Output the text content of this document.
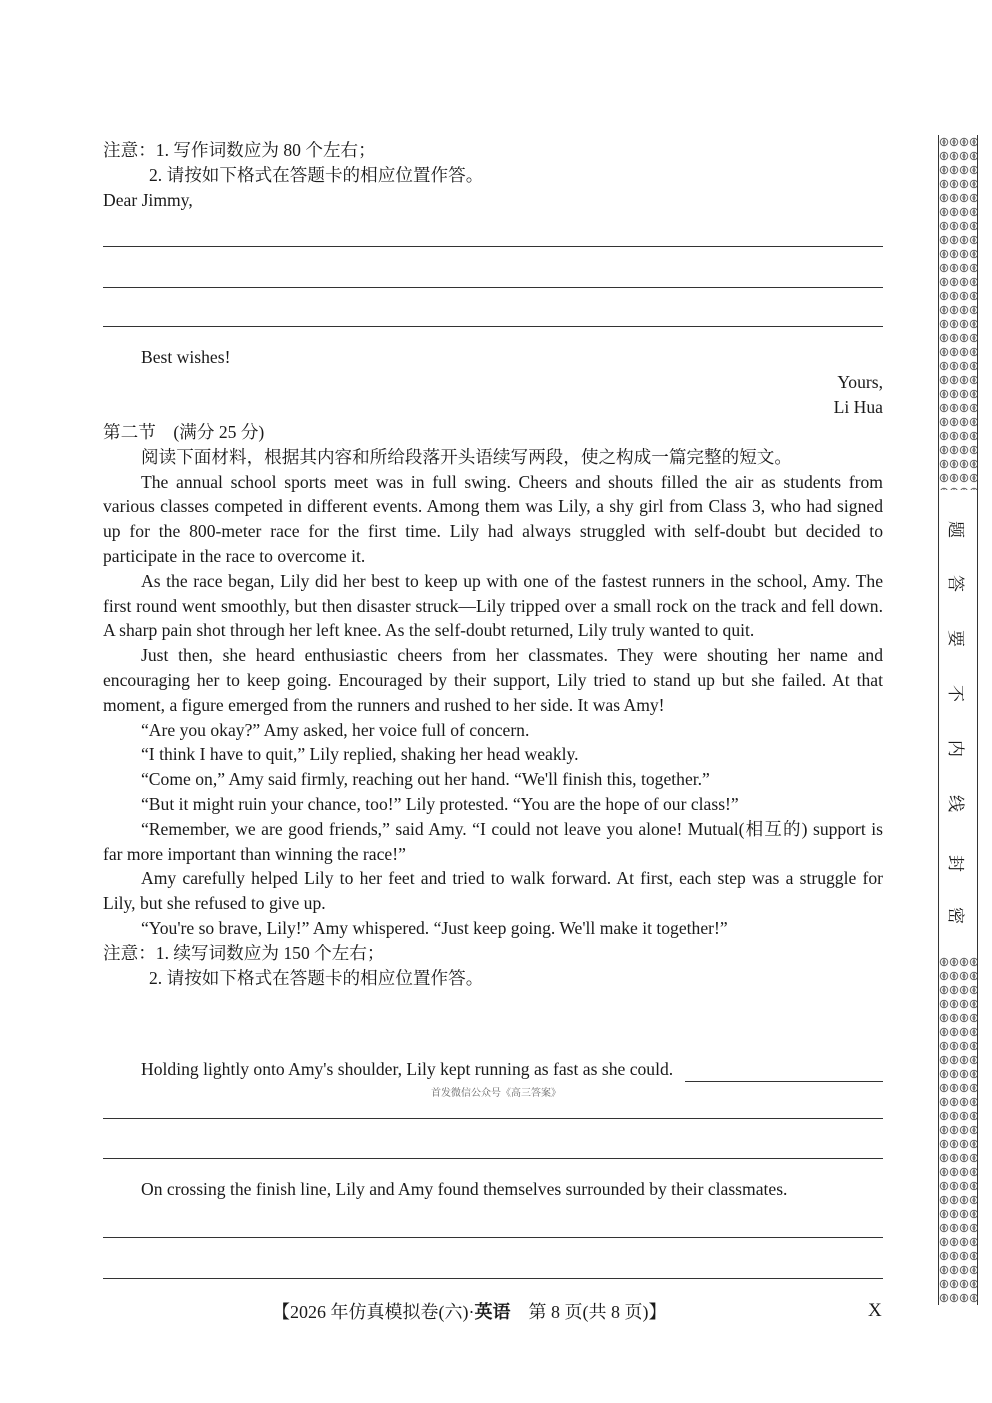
注意：1. 写作词数应为 80 个左右；
2. 请按如下格式在答题卡的相应位置作答。
Dear Jimmy,
Best wishes!
Yours,
Li Hua
第二节　(满分 25 分)
阅读下面材料，根据其内容和所给段落开头语续写两段，使之构成一篇完整的短文。
The annual school sports meet was in full swing. Cheers and shouts filled the air as students from various classes competed in different events. Among them was Lily, a shy girl from Class 3, who had signed up for the 800-meter race for the first time. Lily had always struggled with self-doubt but decided to participate in the race to overcome it.
As the race began, Lily did her best to keep up with one of the fastest runners in the school, Amy. The first round went smoothly, but then disaster struck—Lily tripped over a small rock on the track and fell down. A sharp pain shot through her left knee. As the self-doubt returned, Lily truly wanted to quit.
Just then, she heard enthusiastic cheers from her classmates. They were shouting her name and encouraging her to keep going. Encouraged by their support, Lily tried to stand up but she failed. At that moment, a figure emerged from the runners and rushed to her side. It was Amy!
“Are you okay?” Amy asked, her voice full of concern.
“I think I have to quit,” Lily replied, shaking her head weakly.
“Come on,” Amy said firmly, reaching out her hand. “We'll finish this, together.”
“But it might ruin your chance, too!” Lily protested. “You are the hope of our class!”
“Remember, we are good friends,” said Amy. “I could not leave you alone! Mutual(相互的) support is far more important than winning the race!”
Amy carefully helped Lily to her feet and tried to walk forward. At first, each step was a struggle for Lily, but she refused to give up.
“You're so brave, Lily!” Amy whispered. “Just keep going. We'll make it together!”
注意：1. 续写词数应为 150 个左右；
2. 请按如下格式在答题卡的相应位置作答。
Holding lightly onto Amy's shoulder, Lily kept running as fast as she could.
首发微信公众号《高三答案》
On crossing the finish line, Lily and Amy found themselves surrounded by their classmates.
【2026 年仿真模拟卷(六)·英语　第 8 页(共 8 页)】	X
题
答
要
不
内
线
封
密
